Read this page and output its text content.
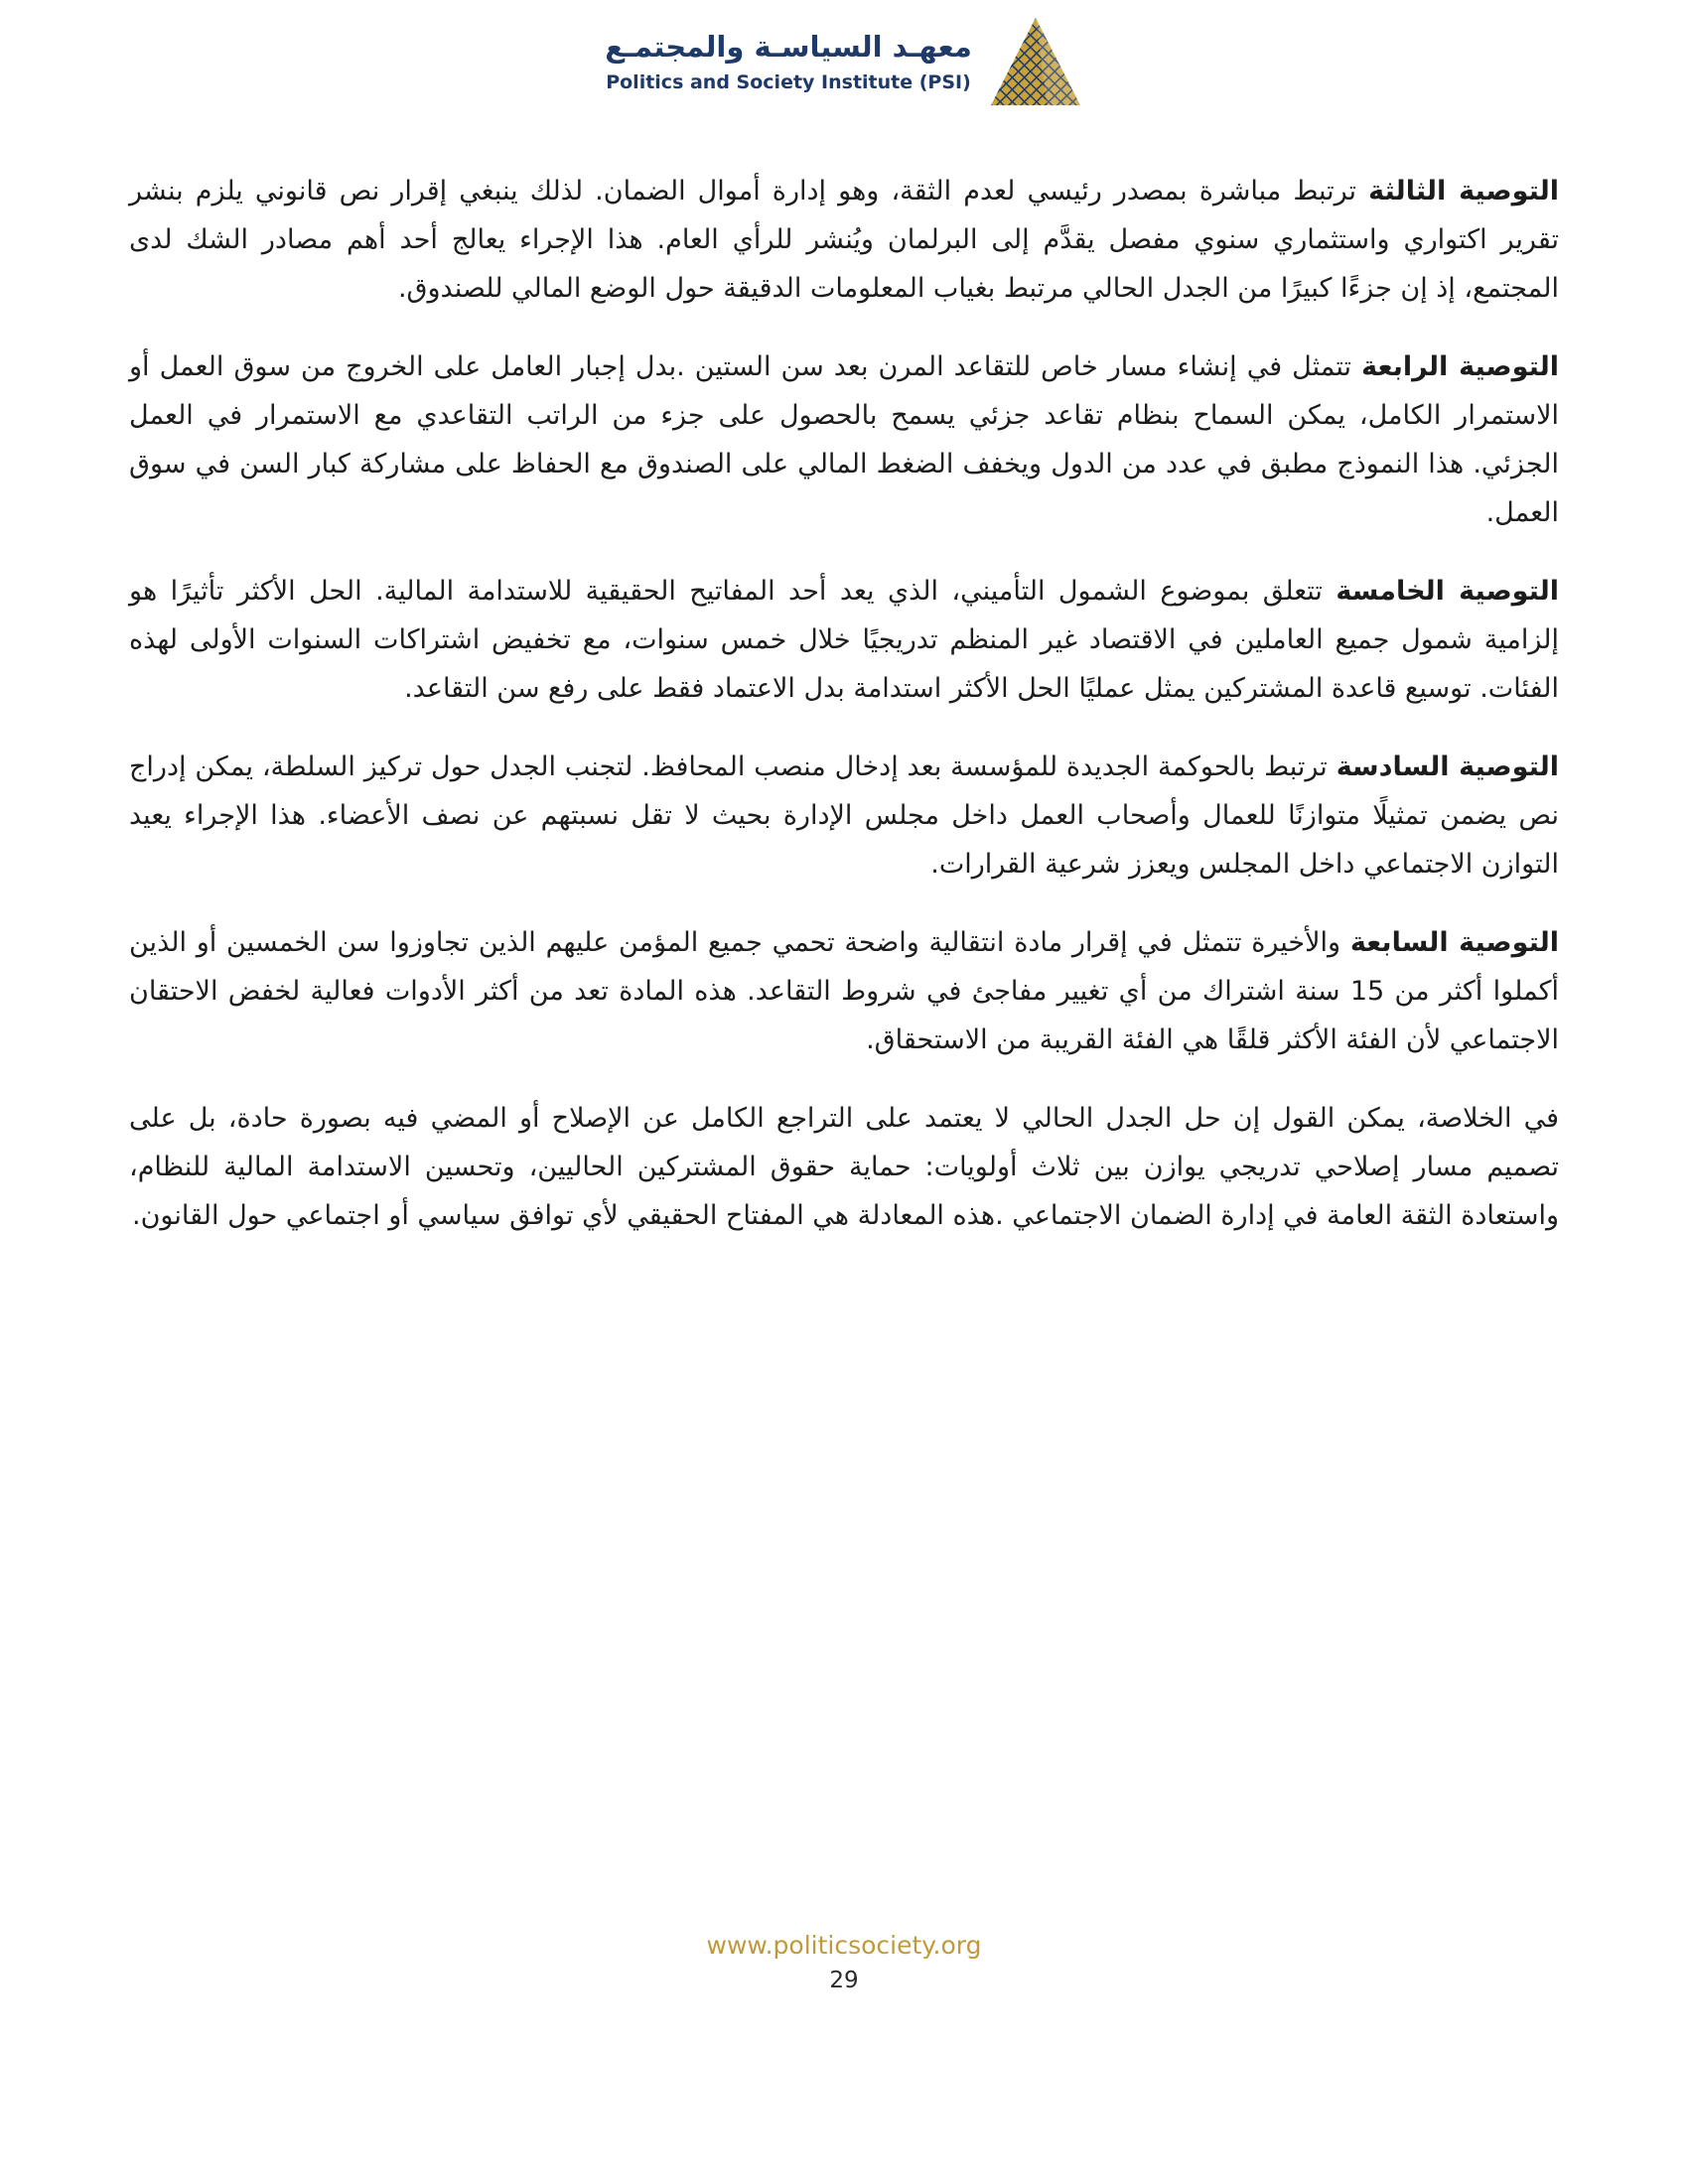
معهـد السياسـة والمجتمـع
Politics and Society Institute (PSI)

التوصية الثالثة ترتبط مباشرة بمصدر رئيسي لعدم الثقة، وهو إدارة أموال الضمان. لذلك ينبغي إقرار نص قانوني يلزم بنشر تقرير اكتواري واستثماري سنوي مفصل يقدَّم إلى البرلمان ويُنشر للرأي العام. هذا الإجراء يعالج أحد أهم مصادر الشك لدى المجتمع، إذ إن جزءًا كبيرًا من الجدل الحالي مرتبط بغياب المعلومات الدقيقة حول الوضع المالي للصندوق.

التوصية الرابعة تتمثل في إنشاء مسار خاص للتقاعد المرن بعد سن الستين .بدل إجبار العامل على الخروج من سوق العمل أو الاستمرار الكامل، يمكن السماح بنظام تقاعد جزئي يسمح بالحصول على جزء من الراتب التقاعدي مع الاستمرار في العمل الجزئي. هذا النموذج مطبق في عدد من الدول ويخفف الضغط المالي على الصندوق مع الحفاظ على مشاركة كبار السن في سوق العمل.

التوصية الخامسة تتعلق بموضوع الشمول التأميني، الذي يعد أحد المفاتيح الحقيقية للاستدامة المالية. الحل الأكثر تأثيرًا هو إلزامية شمول جميع العاملين في الاقتصاد غير المنظم تدريجيًا خلال خمس سنوات، مع تخفيض اشتراكات السنوات الأولى لهذه الفئات. توسيع قاعدة المشتركين يمثل عمليًا الحل الأكثر استدامة بدل الاعتماد فقط على رفع سن التقاعد.

التوصية السادسة ترتبط بالحوكمة الجديدة للمؤسسة بعد إدخال منصب المحافظ. لتجنب الجدل حول تركيز السلطة، يمكن إدراج نص يضمن تمثيلًا متوازنًا للعمال وأصحاب العمل داخل مجلس الإدارة بحيث لا تقل نسبتهم عن نصف الأعضاء. هذا الإجراء يعيد التوازن الاجتماعي داخل المجلس ويعزز شرعية القرارات.

التوصية السابعة والأخيرة تتمثل في إقرار مادة انتقالية واضحة تحمي جميع المؤمن عليهم الذين تجاوزوا سن الخمسين أو الذين أكملوا أكثر من 15 سنة اشتراك من أي تغيير مفاجئ في شروط التقاعد. هذه المادة تعد من أكثر الأدوات فعالية لخفض الاحتقان الاجتماعي لأن الفئة الأكثر قلقًا هي الفئة القريبة من الاستحقاق.

في الخلاصة، يمكن القول إن حل الجدل الحالي لا يعتمد على التراجع الكامل عن الإصلاح أو المضي فيه بصورة حادة، بل على تصميم مسار إصلاحي تدريجي يوازن بين ثلاث أولويات: حماية حقوق المشتركين الحاليين، وتحسين الاستدامة المالية للنظام، واستعادة الثقة العامة في إدارة الضمان الاجتماعي .هذه المعادلة هي المفتاح الحقيقي لأي توافق سياسي أو اجتماعي حول القانون.

www.politicsociety.org
29
